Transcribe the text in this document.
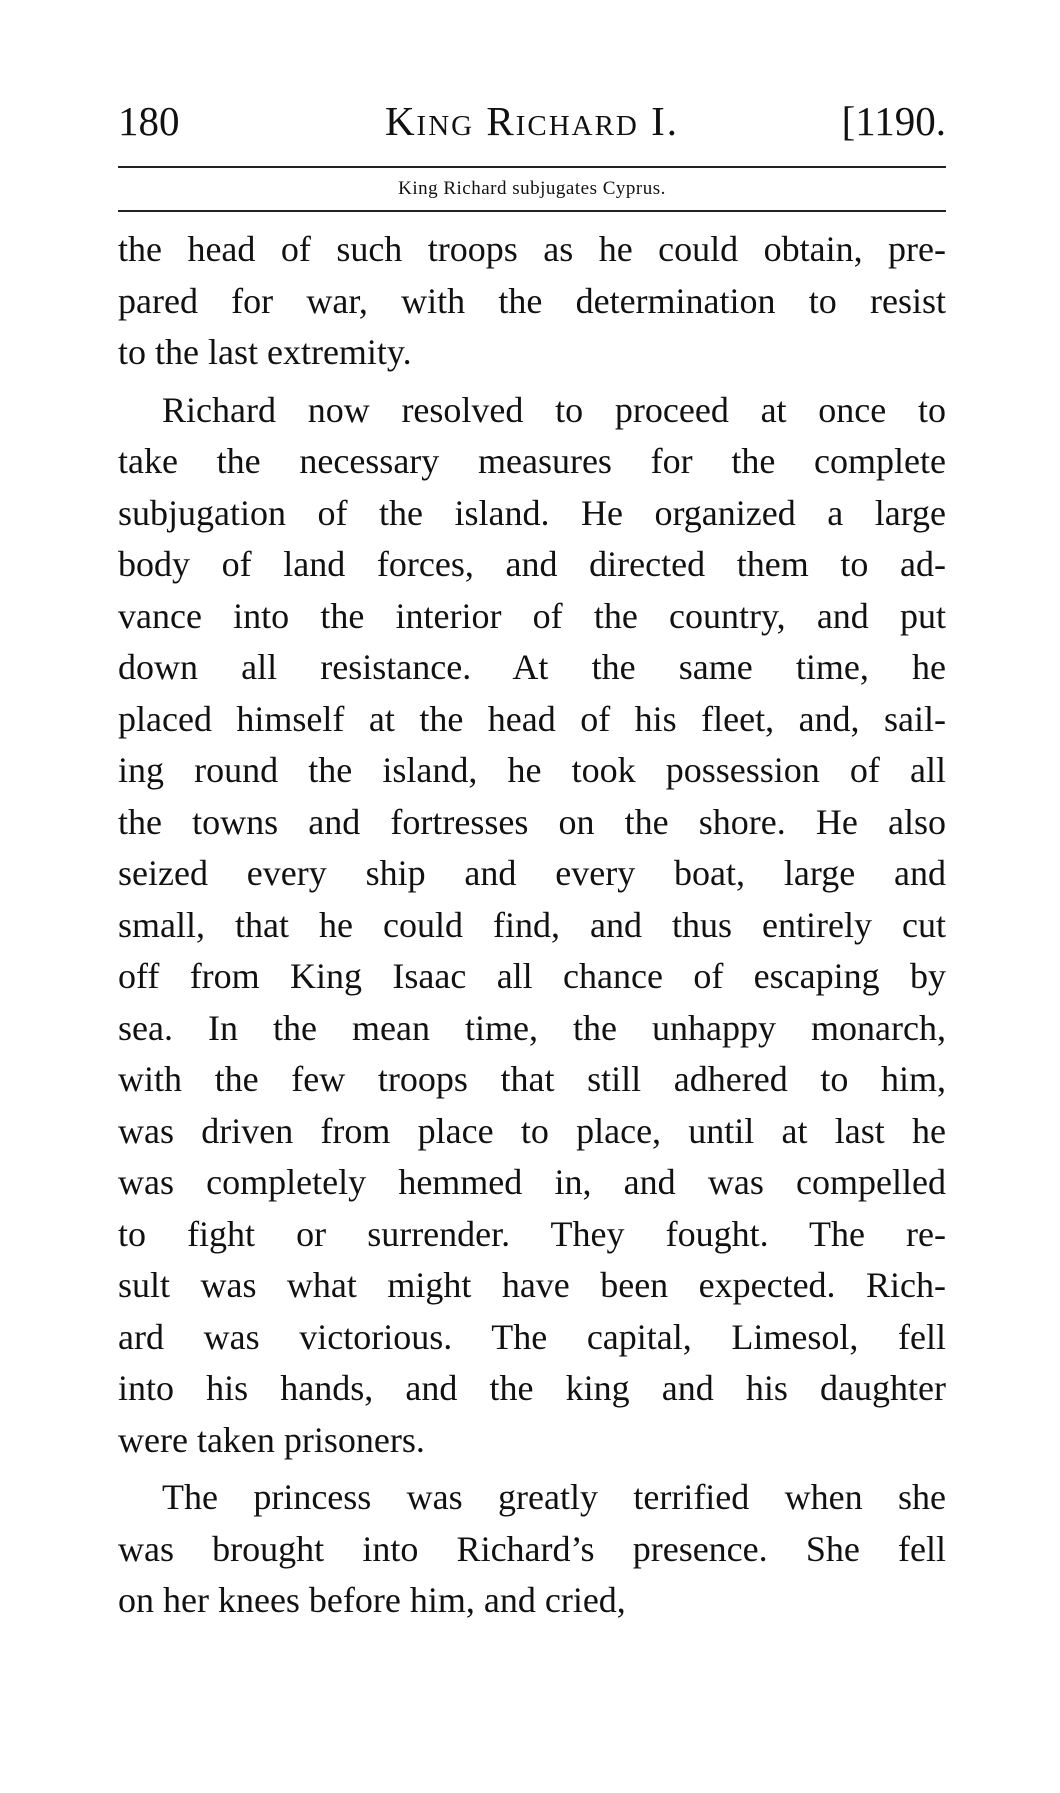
180	King Richard I.	[1190.
King Richard subjugates Cyprus.
the head of such troops as he could obtain, pre-
pared for war, with the determination to resist
to the last extremity.
Richard now resolved to proceed at once to
take the necessary measures for the complete
subjugation of the island. He organized a large
body of land forces, and directed them to ad-
vance into the interior of the country, and put
down all resistance. At the same time, he
placed himself at the head of his fleet, and, sail-
ing round the island, he took possession of all
the towns and fortresses on the shore. He also
seized every ship and every boat, large and
small, that he could find, and thus entirely cut
off from King Isaac all chance of escaping by
sea. In the mean time, the unhappy monarch,
with the few troops that still adhered to him,
was driven from place to place, until at last he
was completely hemmed in, and was compelled
to fight or surrender. They fought. The re-
sult was what might have been expected. Rich-
ard was victorious. The capital, Limesol, fell
into his hands, and the king and his daughter
were taken prisoners.
The princess was greatly terrified when she
was brought into Richard’s presence. She fell
on her knees before him, and cried,
